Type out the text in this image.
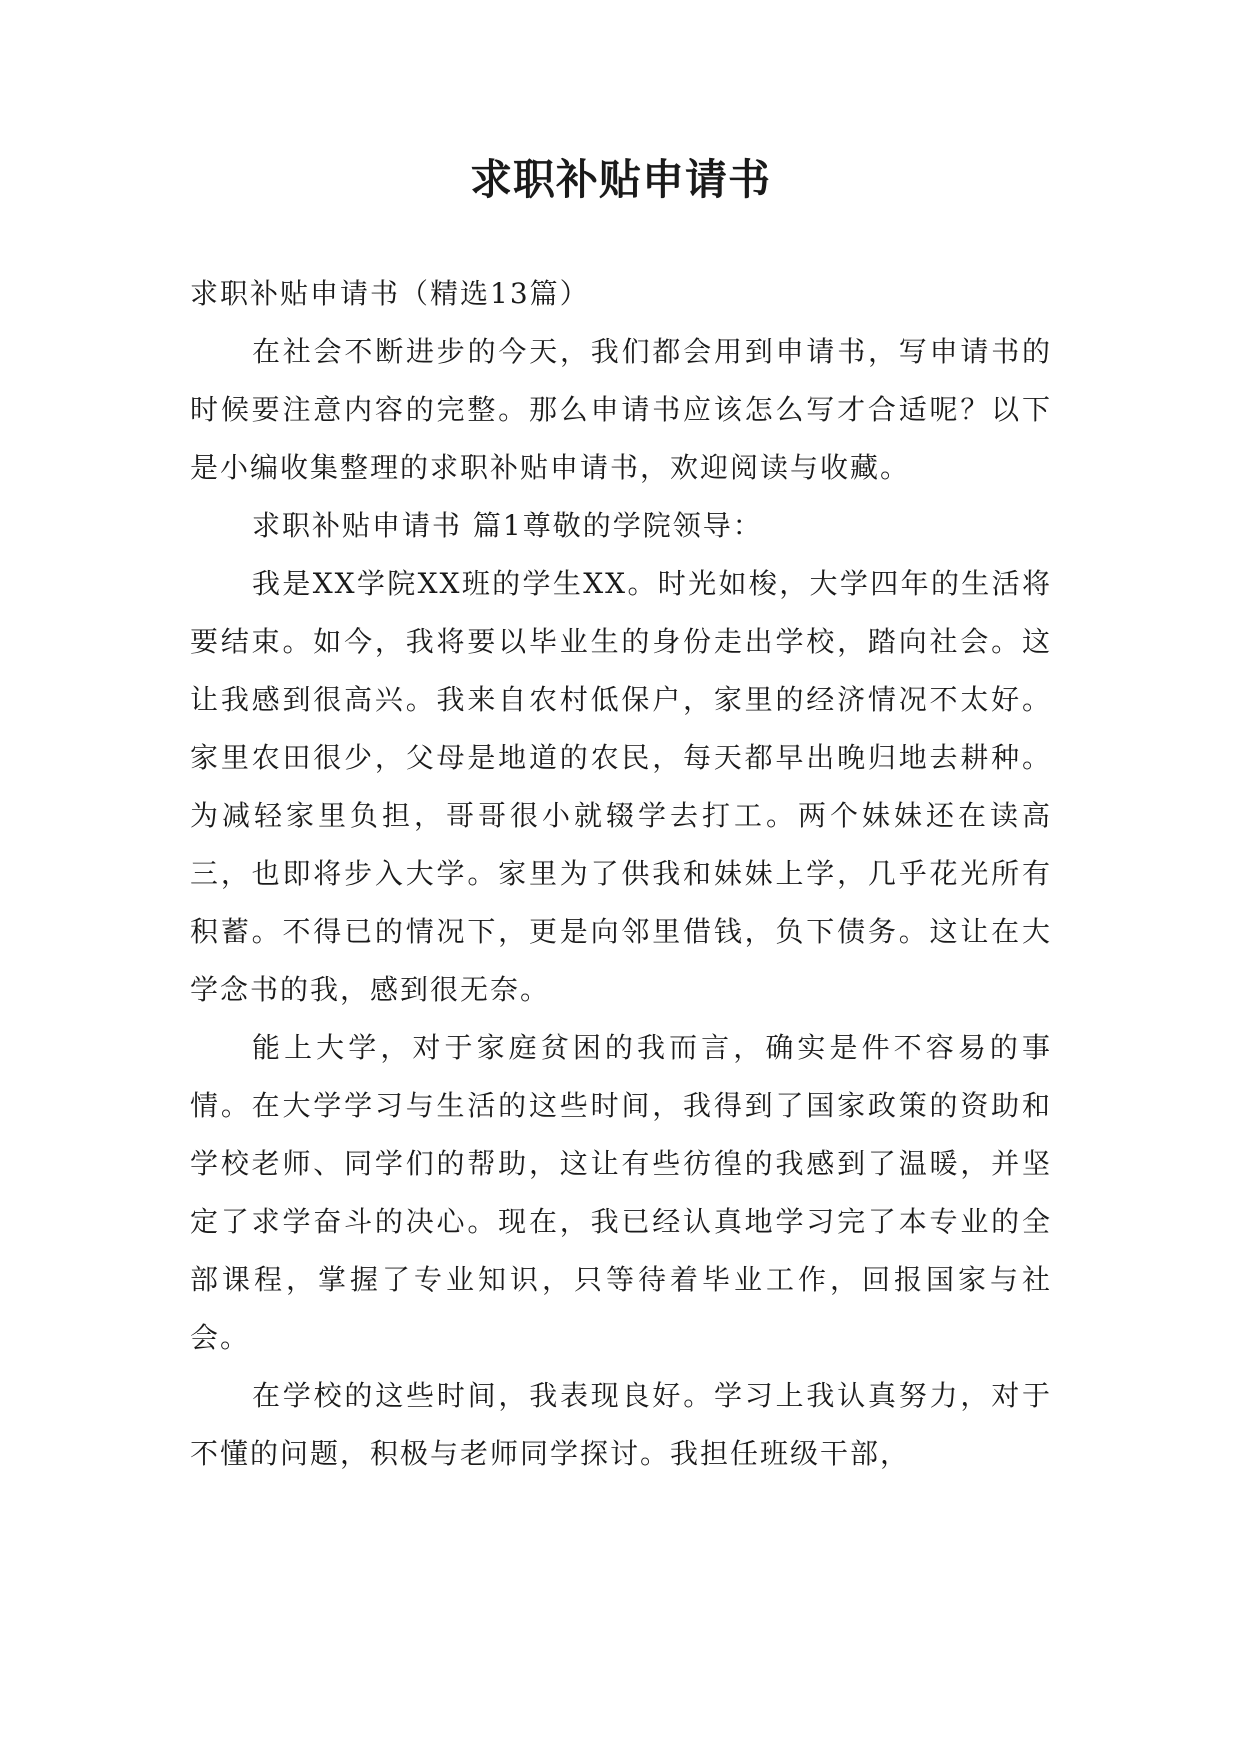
求职补贴申请书

求职补贴申请书（精选13篇）

在社会不断进步的今天，我们都会用到申请书，写申请书的时候要注意内容的完整。那么申请书应该怎么写才合适呢？以下是小编收集整理的求职补贴申请书，欢迎阅读与收藏。

求职补贴申请书 篇1尊敬的学院领导：

我是XX学院XX班的学生XX。时光如梭，大学四年的生活将要结束。如今，我将要以毕业生的身份走出学校，踏向社会。这让我感到很高兴。我来自农村低保户，家里的经济情况不太好。家里农田很少，父母是地道的农民，每天都早出晚归地去耕种。为减轻家里负担，哥哥很小就辍学去打工。两个妹妹还在读高三，也即将步入大学。家里为了供我和妹妹上学，几乎花光所有积蓄。不得已的情况下，更是向邻里借钱，负下债务。这让在大学念书的我，感到很无奈。

能上大学，对于家庭贫困的我而言，确实是件不容易的事情。在大学学习与生活的这些时间，我得到了国家政策的资助和学校老师、同学们的帮助，这让有些彷徨的我感到了温暖，并坚定了求学奋斗的决心。现在，我已经认真地学习完了本专业的全部课程，掌握了专业知识，只等待着毕业工作，回报国家与社会。

在学校的这些时间，我表现良好。学习上我认真努力，对于不懂的问题，积极与老师同学探讨。我担任班级干部，
